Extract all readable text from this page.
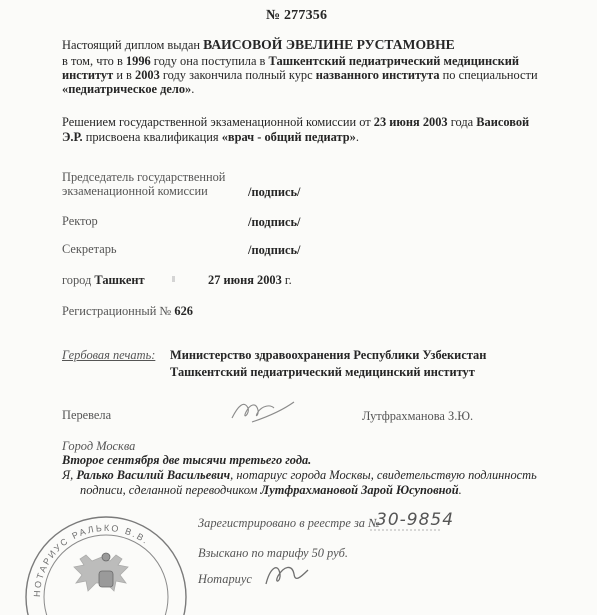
№ 277356
Настоящий диплом выдан ВАИСОВОЙ ЭВЕЛИНЕ РУСТАМОВНЕ
в том, что в 1996 году она поступила в Ташкентский педиатрический медицинский
институт и в 2003 году закончила полный курс названного института по специальности
«педиатрическое дело».
Решением государственной экзаменационной комиссии от 23 июня 2003 года Ваисовой
Э.Р. присвоена квалификация «врач - общий педиатр».
Председатель государственной
экзаменационной комиссии	/подпись/
Ректор	/подпись/
Секретарь	/подпись/
город Ташкент	27 июня 2003 г.
Регистрационный № 626
Гербовая печать: Министерство здравоохранения Республики Узбекистан
Ташкентский педиатрический медицинский институт
Перевела	Лутфрахманова З.Ю.
Город Москва
Второе сентября две тысячи третьего года.
Я, Ралько Василий Васильевич, нотариус города Москвы, свидетельствую подлинность
подписи, сделанной переводчиком Лутфрахмановой Зарой Юсуповной.
НОТАРИУС РАЛЬКО В.В.
Зарегистрировано в реестре за №
30-9854
Взыскано по тарифу 50 руб.
Нотариус
